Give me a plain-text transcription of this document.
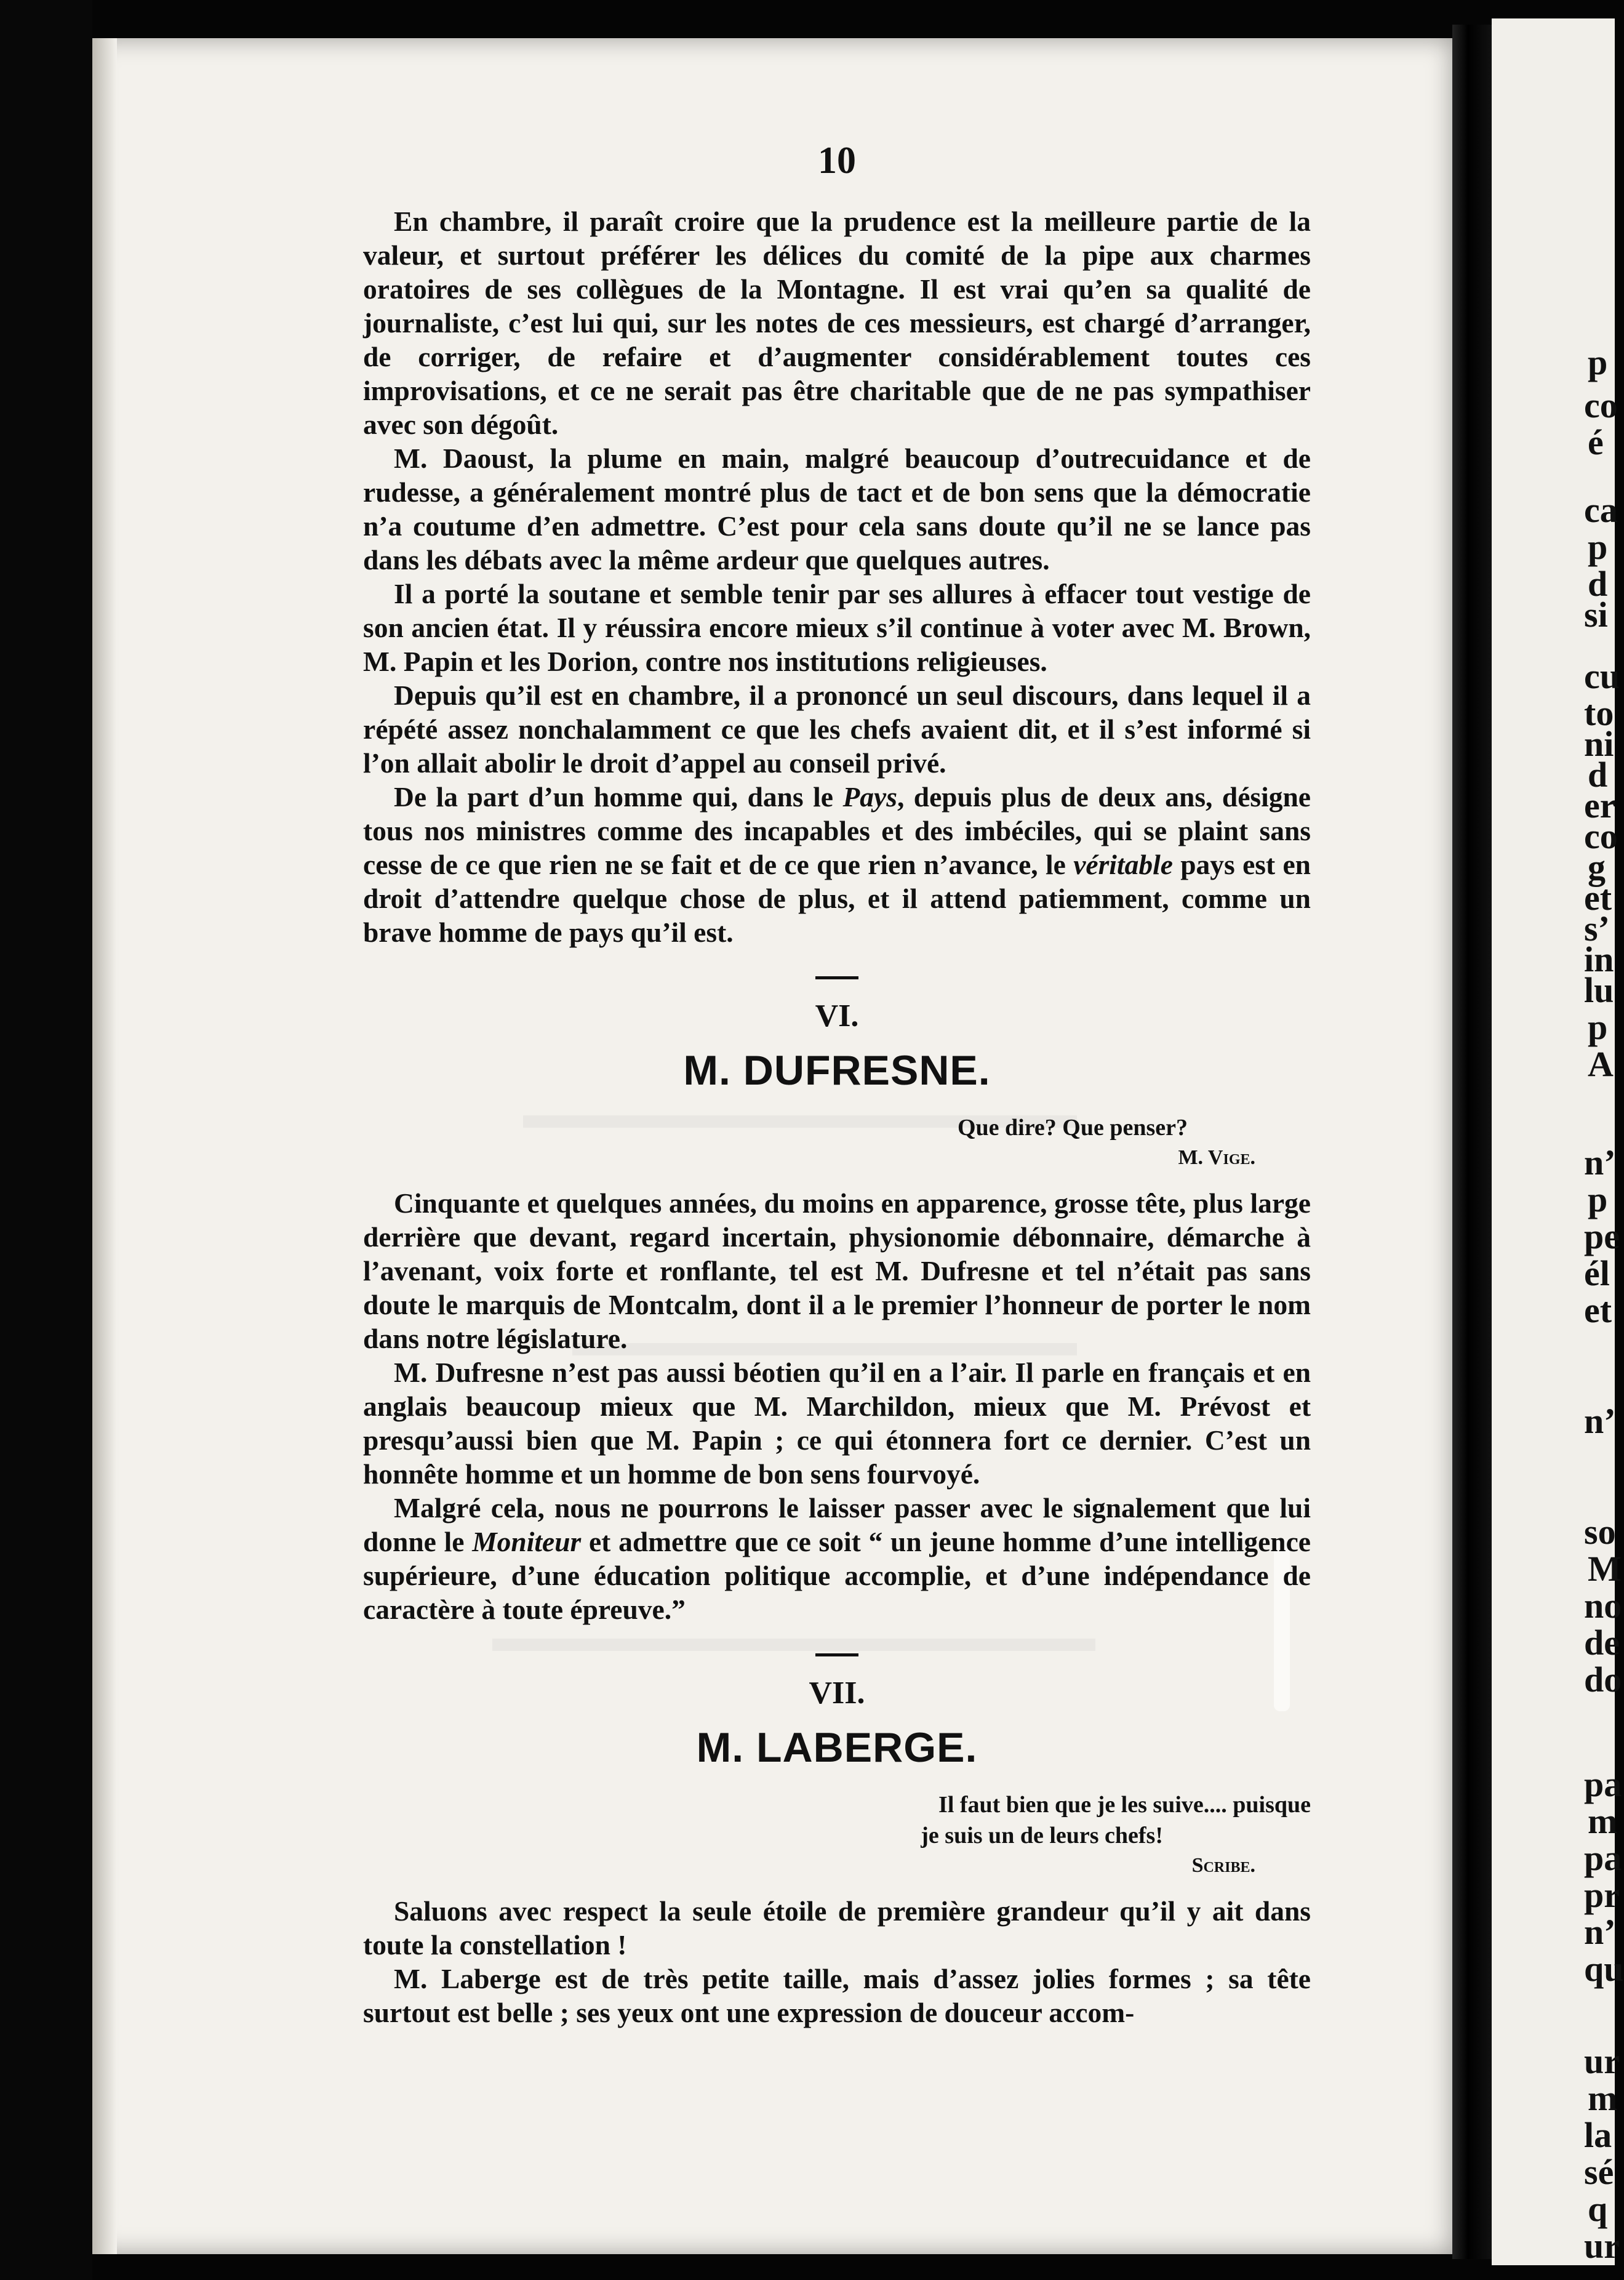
p
co
é
ca
p
d
si
cu
to
ni
d
er
co
g
et
s’
in
lu
p
A
n’
p
pe
él
et
n’
so
M
no
de
do
pa
m
pa
pr
n’
qu
ur
m
la
sé
q
ur
10

En chambre, il paraît croire que la prudence est la meilleure partie de la valeur, et surtout préférer les délices du comité de la pipe aux charmes oratoires de ses collègues de la Montagne. Il est vrai qu’en sa qualité de journaliste, c’est lui qui, sur les notes de ces messieurs, est chargé d’arranger, de corriger, de refaire et d’augmenter considérablement toutes ces improvisations, et ce ne serait pas être charitable que de ne pas sympathiser avec son dégoût.

M. Daoust, la plume en main, malgré beaucoup d’outrecuidance et de rudesse, a généralement montré plus de tact et de bon sens que la démocratie n’a coutume d’en admettre. C’est pour cela sans doute qu’il ne se lance pas dans les débats avec la même ardeur que quelques autres.

Il a porté la soutane et semble tenir par ses allures à effacer tout vestige de son ancien état. Il y réussira encore mieux s’il continue à voter avec M. Brown, M. Papin et les Dorion, contre nos institutions religieuses.

Depuis qu’il est en chambre, il a prononcé un seul discours, dans lequel il a répété assez nonchalamment ce que les chefs avaient dit, et il s’est informé si l’on allait abolir le droit d’appel au conseil privé.

De la part d’un homme qui, dans le Pays, depuis plus de deux ans, désigne tous nos ministres comme des incapables et des imbéciles, qui se plaint sans cesse de ce que rien ne se fait et de ce que rien n’avance, le véritable pays est en droit d’attendre quelque chose de plus, et il attend patiemment, comme un brave homme de pays qu’il est.

VI.
M. DUFRESNE.
Que dire? Que penser?
M. Vige.

Cinquante et quelques années, du moins en apparence, grosse tête, plus large derrière que devant, regard incertain, physionomie débonnaire, démarche à l’avenant, voix forte et ronflante, tel est M. Dufresne et tel n’était pas sans doute le marquis de Montcalm, dont il a le premier l’honneur de porter le nom dans notre législature.

M. Dufresne n’est pas aussi béotien qu’il en a l’air. Il parle en français et en anglais beaucoup mieux que M. Marchildon, mieux que M. Prévost et presqu’aussi bien que M. Papin ; ce qui étonnera fort ce dernier. C’est un honnête homme et un homme de bon sens fourvoyé.

Malgré cela, nous ne pourrons le laisser passer avec le signalement que lui donne le Moniteur et admettre que ce soit “ un jeune homme d’une intelligence supérieure, d’une éducation politique accomplie, et d’une indépendance de caractère à toute épreuve.”

VII.
M. LABERGE.
Il faut bien que je les suive.... puisque
je suis un de leurs chefs!
Scribe.

Saluons avec respect la seule étoile de première grandeur qu’il y ait dans toute la constellation !

M. Laberge est de très petite taille, mais d’assez jolies formes ; sa tête surtout est belle ; ses yeux ont une expression de douceur accom-
